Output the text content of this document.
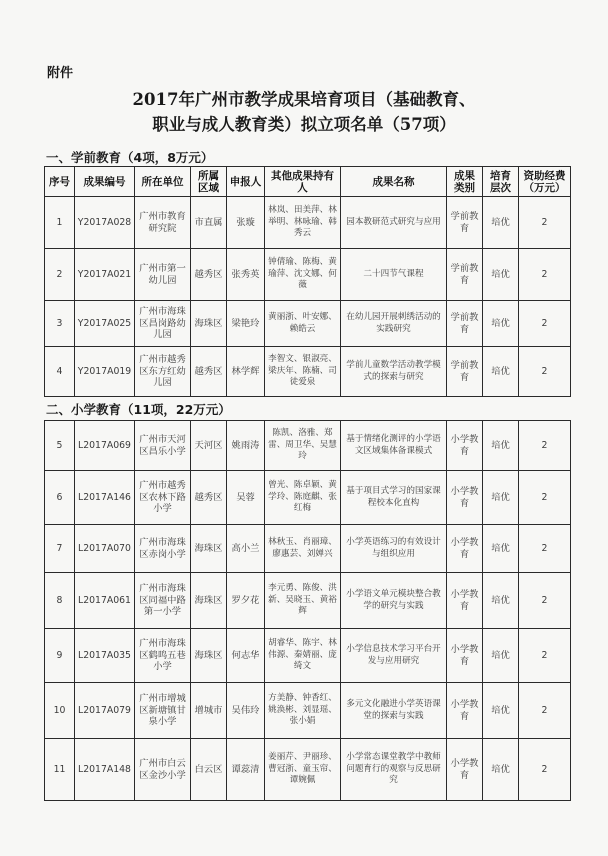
附件
2017年广州市教学成果培育项目（基础教育、
职业与成人教育类）拟立项名单（57项）
一、学前教育（4项，8万元）
序号	成果编号	所在单位	所属区域	申报人	其他成果持有人	成果名称	成果类别	培育层次	资助经费（万元）
1	Y2017A028	广州市教育研究院	市直属	张璇	林岚、田美萍、林举明、林咏瑜、韩秀云	园本教研范式研究与应用	学前教育	培优	2
2	Y2017A021	广州市第一幼儿园	越秀区	张秀英	钟倩瑜、陈梅、黄瑜萍、沈文娜、何薇	二十四节气课程	学前教育	培优	2
3	Y2017A025	广州市海珠区昌岗路幼儿园	海珠区	梁艳玲	黄丽浙、叶安娜、赖皓云	在幼儿园开展刺绣活动的实践研究	学前教育	培优	2
4	Y2017A019	广州市越秀区东方红幼儿园	越秀区	林学辉	李智文、银淑亮、梁庆年、陈楠、司徒爱泉	学前儿童数学活动教学模式的探索与研究	学前教育	培优	2
二、小学教育（11项，22万元）
5	L2017A069	广州市天河区昌乐小学	天河区	姚雨涛	陈凯、洛雅、郑雷、周卫华、吴慧玲	基于情绪化测评的小学语文区域集体备课模式	小学教育	培优	2
6	L2017A146	广州市越秀区农林下路小学	越秀区	吴蓉	曾光、陈卓颖、黄学玲、陈庭麒、张红梅	基于项目式学习的国家课程校本化直构	小学教育	培优	2
7	L2017A070	广州市海珠区赤岗小学	海珠区	高小兰	林秋玉、肖丽璋、廖惠芸、刘婵兴	小学英语练习的有效设计与组织应用	小学教育	培优	2
8	L2017A061	广州市海珠区同福中路第一小学	海珠区	罗夕花	李元勇、陈俊、洪新、吴晓玉、黄裕辉	小学语文单元模块整合教学的研究与实践	小学教育	培优	2
9	L2017A035	广州市海珠区鹤鸣五巷小学	海珠区	何志华	胡睿华、陈宇、林伟源、秦婧丽、庞绮文	小学信息技术学习平台开发与应用研究	小学教育	培优	2
10	L2017A079	广州市增城区新塘镇甘泉小学	增城市	吴伟玲	方美静、钟香红、姚涣彬、刘显瑶、张小娟	多元文化融进小学英语课堂的探索与实践	小学教育	培优	2
11	L2017A148	广州市白云区金沙小学	白云区	谭蕊清	姜丽芹、尹丽珍、曹冠浙、童玉帘、谭婉佩	小学常态课堂教学中教师问题育行的观察与反思研究	小学教育	培优	2
